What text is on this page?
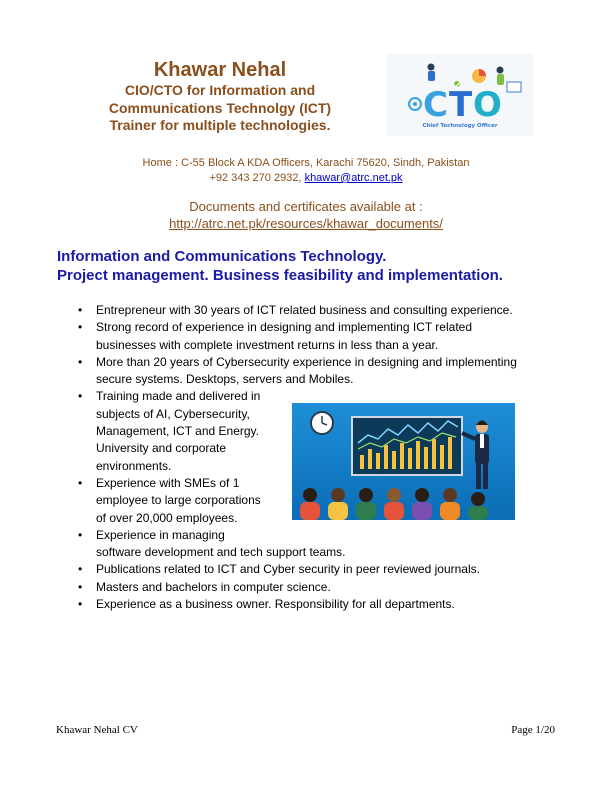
Khawar Nehal
CIO/CTO for Information and
Communications Technolgy (ICT)
Trainer for multiple technologies.	C T O
Chief Technology Officer
Home : C-55 Block A KDA Officers, Karachi 75620, Sindh, Pakistan
+92 343 270 2932, khawar@atrc.net.pk
Documents and certificates available at :
http://atrc.net.pk/resources/khawar_documents/
Information and Communications Technology.
Project management. Business feasibility and implementation.
• Entrepreneur with 30 years of ICT related business and consulting experience.
• Strong record of experience in designing and implementing ICT related
businesses with complete investment returns in less than a year.
• More than 20 years of Cybersecurity experience in designing and implementing
secure systems. Desktops, servers and Mobiles.
• Training made and delivered in
subjects of AI, Cybersecurity,
Management, ICT and Energy.
University and corporate
environments.
• Experience with SMEs of 1
employee to large corporations
of over 20,000 employees.
• Experience in managing
software development and tech support teams.
• Publications related to ICT and Cyber security in peer reviewed journals.
• Masters and bachelors in computer science.
• Experience as a business owner. Responsibility for all departments.
Khawar Nehal CV	Page 1/20
